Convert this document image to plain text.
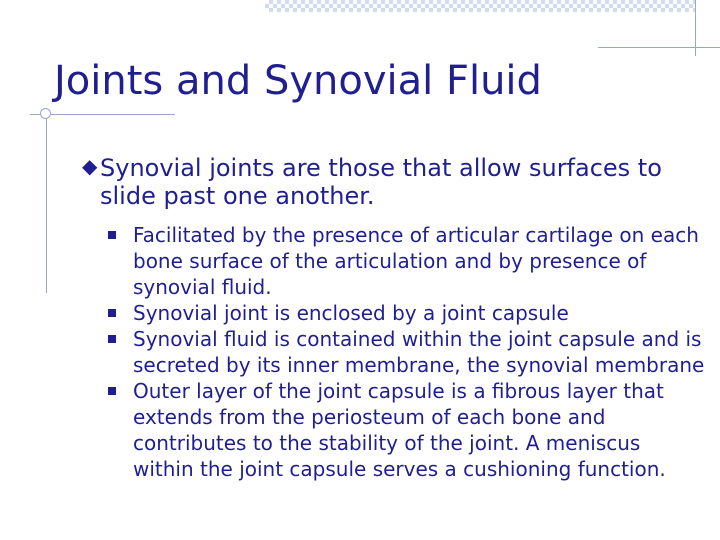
Joints and Synovial Fluid
◆ Synovial joints are those that allow surfaces to slide past one another.
Facilitated by the presence of articular cartilage on each bone surface of the articulation and by presence of synovial fluid.
Synovial joint is enclosed by a joint capsule
Synovial fluid is contained within the joint capsule and is secreted by its inner membrane, the synovial membrane
Outer layer of the joint capsule is a fibrous layer that extends from the periosteum of each bone and contributes to the stability of the joint. A meniscus within the joint capsule serves a cushioning function.
